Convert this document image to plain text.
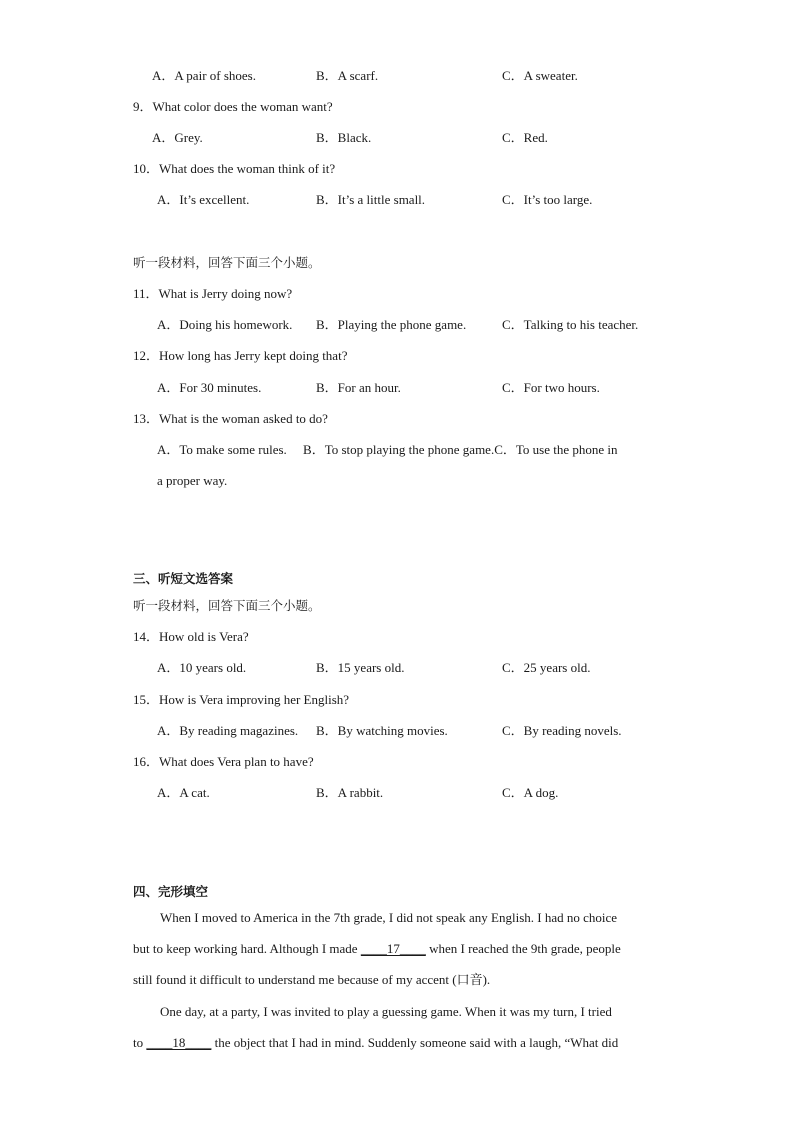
A．A pair of shoes.	B．A scarf.	C．A sweater.
9．What color does the woman want?
A．Grey.	B．Black.	C．Red.
10．What does the woman think of it?
A．It’s excellent.	B．It’s a little small.	C．It’s too large.
听一段材料，回答下面三个小题。
11．What is Jerry doing now?
A．Doing his homework. B．Playing the phone game.	C．Talking to his teacher.
12．How long has Jerry kept doing that?
A．For 30 minutes.	B．For an hour.	C．For two hours.
13．What is the woman asked to do?
A．To make some rules.     B．To stop playing the phone game.C．To use the phone in
a proper way.
三、听短文选答案
听一段材料，回答下面三个小题。
14．How old is Vera?
A．10 years old.	B．15 years old.	C．25 years old.
15．How is Vera improving her English?
A．By reading magazines. B．By watching movies.	C．By reading novels.
16．What does Vera plan to have?
A．A cat.	B．A rabbit.	C．A dog.
四、完形填空
When I moved to America in the 7th grade, I did not speak any English. I had no choice
but to keep working hard. Although I made ____17____ when I reached the 9th grade, people
still found it difficult to understand me because of my accent (口音).
One day, at a party, I was invited to play a guessing game. When it was my turn, I tried
to ____18____ the object that I had in mind. Suddenly someone said with a laugh, “What did
